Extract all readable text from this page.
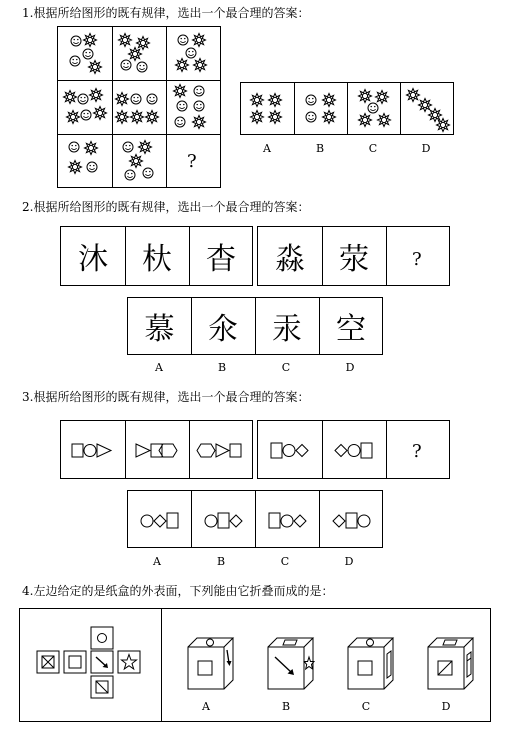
1.根据所给图形的既有规律，选出一个最合理的答案：
?
A	B	C	D
2.根据所给图形的既有规律，选出一个最合理的答案：
沐	杕	杳	淼	荥	?
慕	氽	汞	空
A	B	C	D
3.根据所给图形的既有规律，选出一个最合理的答案：
?
A	B	C	D
4.左边给定的是纸盒的外表面，下列能由它折叠而成的是：
A	B	C	D
